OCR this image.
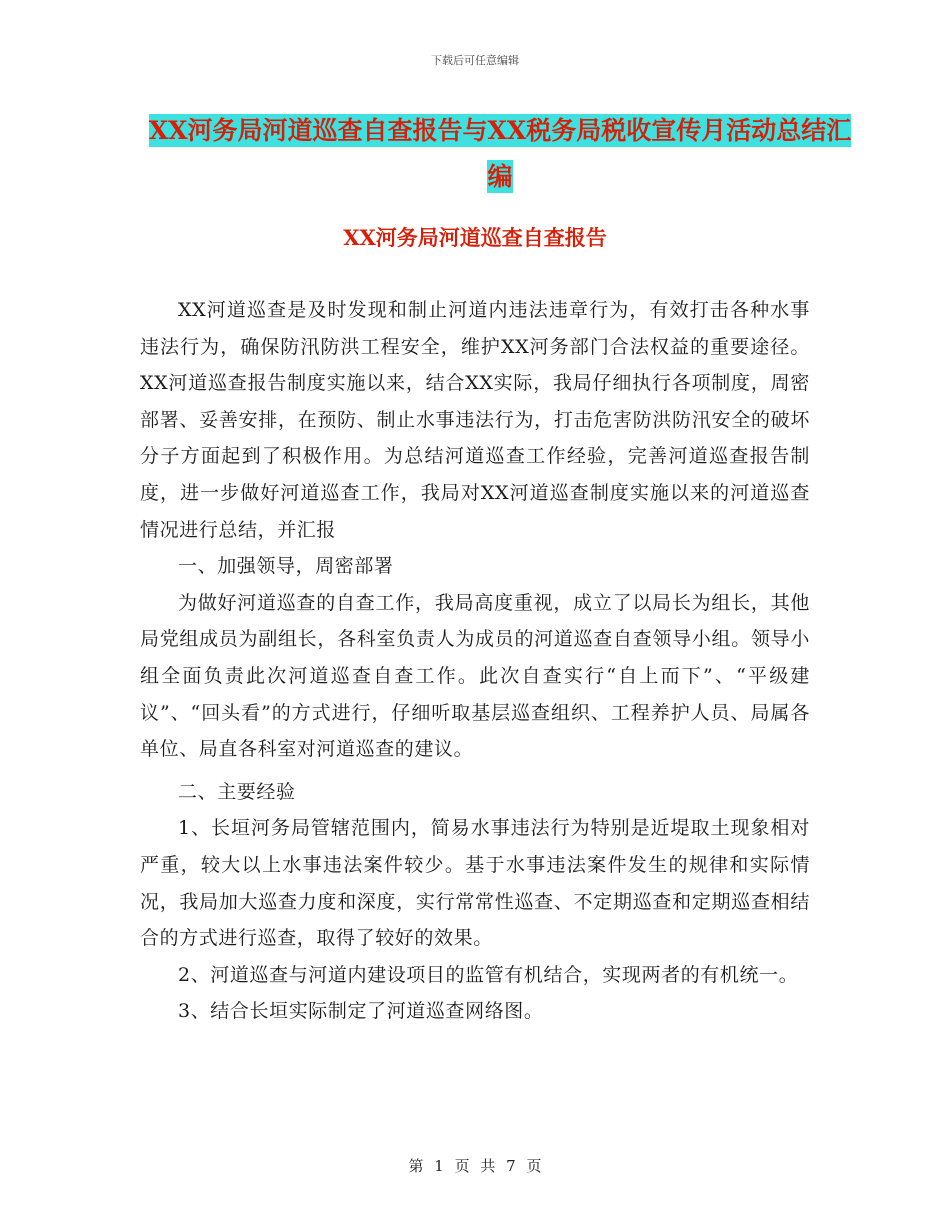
下载后可任意编辑
XX河务局河道巡查自查报告与XX税务局税收宣传月活动总结汇编
XX河务局河道巡查自查报告

XX河道巡查是及时发现和制止河道内违法违章行为，有效打击各种水事违法行为，确保防汛防洪工程安全，维护XX河务部门合法权益的重要途径。XX河道巡查报告制度实施以来，结合XX实际，我局仔细执行各项制度，周密部署、妥善安排，在预防、制止水事违法行为，打击危害防洪防汛安全的破坏分子方面起到了积极作用。为总结河道巡查工作经验，完善河道巡查报告制度，进一步做好河道巡查工作，我局对XX河道巡查制度实施以来的河道巡查情况进行总结，并汇报

一、加强领导，周密部署

为做好河道巡查的自查工作，我局高度重视，成立了以局长为组长，其他局党组成员为副组长，各科室负责人为成员的河道巡查自查领导小组。领导小组全面负责此次河道巡查自查工作。此次自查实行“自上而下”、“平级建议”、“回头看”的方式进行，仔细听取基层巡查组织、工程养护人员、局属各单位、局直各科室对河道巡查的建议。

二、主要经验

1、长垣河务局管辖范围内，简易水事违法行为特别是近堤取土现象相对严重，较大以上水事违法案件较少。基于水事违法案件发生的规律和实际情况，我局加大巡查力度和深度，实行常常性巡查、不定期巡查和定期巡查相结合的方式进行巡查，取得了较好的效果。

2、河道巡查与河道内建设项目的监管有机结合，实现两者的有机统一。

3、结合长垣实际制定了河道巡查网络图。

第 1 页 共 7 页
